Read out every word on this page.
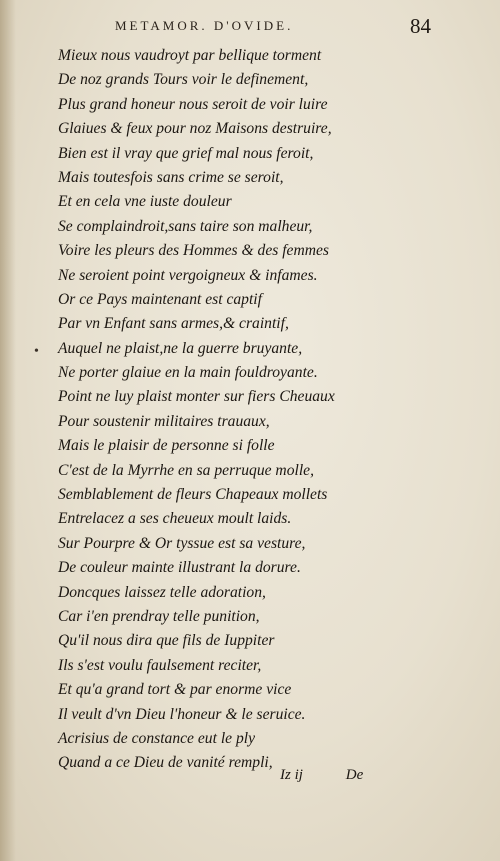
•
METAMOR. D'OVIDE.	84
Mieux nous vaudroyt par bellique torment
De noz grands Tours voir le definement,
Plus grand honeur nous seroit de voir luire
Glaiues & feux pour noz Maisons destruire,
Bien est il vray que grief mal nous feroit,
Mais toutesfois sans crime se seroit,
Et en cela vne iuste douleur
Se complaindroit,sans taire son malheur,
Voire les pleurs des Hommes & des femmes
Ne seroient point vergoigneux & infames.
Or ce Pays maintenant est captif
Par vn Enfant sans armes,& craintif,
Auquel ne plaist,ne la guerre bruyante,
Ne porter glaiue en la main fouldroyante.
Point ne luy plaist monter sur fiers Cheuaux
Pour soustenir militaires trauaux,
Mais le plaisir de personne si folle
C'est de la Myrrhe en sa perruque molle,
Semblablement de fleurs Chapeaux mollets
Entrelacez a ses cheueux moult laids.
Sur Pourpre & Or tyssue est sa vesture,
De couleur mainte illustrant la dorure.
Doncques laissez telle adoration,
Car i'en prendray telle punition,
Qu'il nous dira que fils de Iuppiter
Ils s'est voulu faulsement reciter,
Et qu'a grand tort & par enorme vice
Il veult d'vn Dieu l'honeur & le seruice.
Acrisius de constance eut le ply
Quand a ce Dieu de vanité rempli,
Iz ij	De
